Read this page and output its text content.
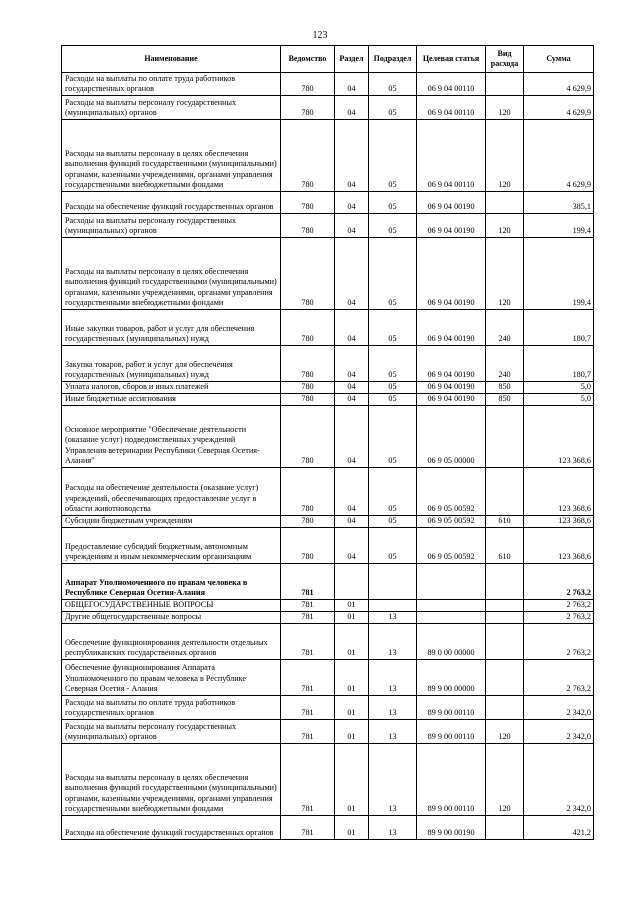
123
Наименование	Ведомство	Раздел	Подраздел	Целевая статья	Вид расхода	Сумма
Расходы на выплаты по оплате труда работников государственных органов	780	04	05	06 9 04 00110		4 629,9
Расходы на выплаты персоналу государственных (муниципальных) органов	780	04	05	06 9 04 00110	120	4 629,9
Расходы на выплаты персоналу в целях обеспечения выполнения функций государственными (муниципальными) органами, казенными учреждениями, органами управления государственными внебюджетными фондами	780	04	05	06 9 04 00110	120	4 629,9
Расходы на обеспечение функций государственных органов	780	04	05	06 9 04 00190		385,1
Расходы на выплаты персоналу государственных (муниципальных) органов	780	04	05	06 9 04 00190	120	199,4
Расходы на выплаты персоналу в целях обеспечения выполнения функций государственными (муниципальными) органами, казенными учреждениями, органами управления государственными внебюджетными фондами	780	04	05	06 9 04 00190	120	199,4
Иные закупки товаров, работ и услуг для обеспечения государственных (муниципальных) нужд	780	04	05	06 9 04 00190	240	180,7
Закупка товаров, работ и услуг для обеспечения государственных (муниципальных) нужд	780	04	05	06 9 04 00190	240	180,7
Уплата налогов, сборов и иных платежей	780	04	05	06 9 04 00190	850	5,0
Иные бюджетные ассигнования	780	04	05	06 9 04 00190	850	5,0
Основное мероприятие "Обеспечение деятельности (оказание услуг) подведомственных учреждений Управления ветеринарии Республики Северная Осетия-Алания"	780	04	05	06 9 05 00000		123 368,6
Расходы на обеспечение деятельности (оказание услуг) учреждений, обеспечивающих предоставление услуг в области животноводства	780	04	05	06 9 05 00592		123 368,6
Субсидии бюджетным учреждениям	780	04	05	06 9 05 00592	610	123 368,6
Предоставление субсидий бюджетным, автономным учреждениям и иным некоммерческим организациям	780	04	05	06 9 05 00592	610	123 368,6
Аппарат Уполномоченного по правам человека в Республике Северная Осетия-Алания	781					2 763,2
ОБЩЕГОСУДАРСТВЕННЫЕ ВОПРОСЫ	781	01				2 763,2
Другие общегосударственные вопросы	781	01	13			2 763,2
Обеспечение функционирования деятельности отдельных республиканских государственных органов	781	01	13	89 0 00 00000		2 763,2
Обеспечение функционирования Аппарата Уполномоченного по правам человека в Республике Северная Осетия - Алания	781	01	13	89 9 00 00000		2 763,2
Расходы на выплаты по оплате труда работников государственных органов	781	01	13	89 9 00 00110		2 342,0
Расходы на выплаты персоналу государственных (муниципальных) органов	781	01	13	89 9 00 00110	120	2 342,0
Расходы на выплаты персоналу в целях обеспечения выполнения функций государственными (муниципальными) органами, казенными учреждениями, органами управления государственными внебюджетными фондами	781	01	13	89 9 00 00110	120	2 342,0
Расходы на обеспечение функций государственных органов	781	01	13	89 9 00 00190		421,2
